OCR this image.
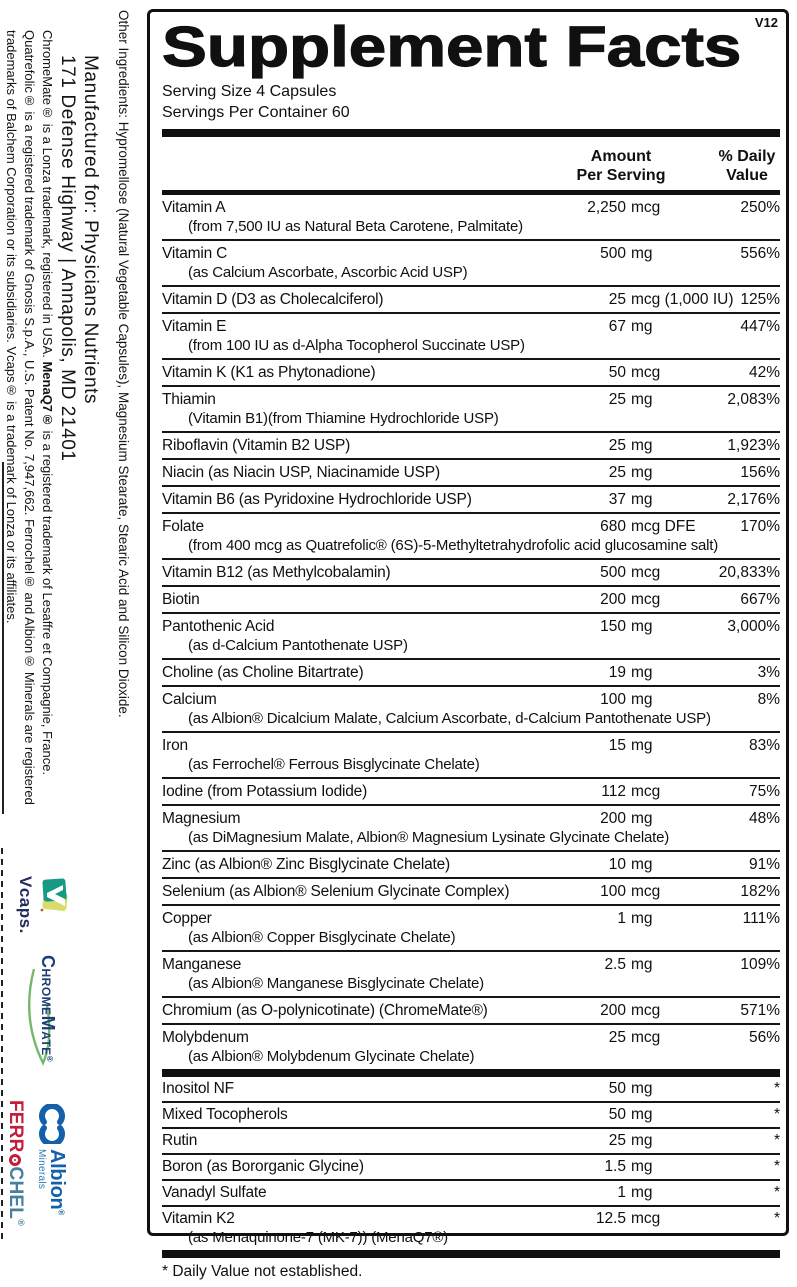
Other Ingredients: Hypromellose (Natural Vegetable Capsules), Magnesium Stearate, Stearic Acid and Silicon Dioxide.
Manufactured for: Physicians Nutrients
171 Defense Highway | Annapolis, MD 21401
ChromeMate® is a Lonza trademark, registered in USA. MenaQ7® is a registered trademark of Lesaffre et Compagnie, France.
Quatrefolic® is a registered trademark of Gnosis S.p.A., U.S. Patent No. 7,947,662. Ferrochel® and Albion® Minerals are registered
trademarks of Balchem Corporation or its subsidiaries. Vcaps® is a trademark of Lonza or its affiliates.
Vcaps.
CHROMEMATE®
FERR
CHEL
®
Albion®
Minerals
Supplement Facts	V12
Serving Size 4 Capsules
Servings Per Container 60
Amount
Per Serving
% Daily
Value
Vitamin A	2,250 mcg	250%
(from 7,500 IU as Natural Beta Carotene, Palmitate)
Vitamin C	500 mg	556%
(as Calcium Ascorbate, Ascorbic Acid USP)
Vitamin D (D3 as Cholecalciferol)	25 mcg (1,000 IU) 125%
Vitamin E	67 mg	447%
(from 100 IU as d-Alpha Tocopherol Succinate USP)
Vitamin K (K1 as Phytonadione)	50 mcg	42%
Thiamin	25 mg	2,083%
(Vitamin B1)(from Thiamine Hydrochloride USP)
Riboflavin (Vitamin B2 USP)	25 mg	1,923%
Niacin (as Niacin USP, Niacinamide USP)	25 mg	156%
Vitamin B6 (as Pyridoxine Hydrochloride USP)	37 mg	2,176%
Folate	680 mcg DFE	170%
(from 400 mcg as Quatrefolic® (6S)-5-Methyltetrahydrofolic acid glucosamine salt)
Vitamin B12 (as Methylcobalamin)	500 mcg	20,833%
Biotin	200 mcg	667%
Pantothenic Acid	150 mg	3,000%
(as d-Calcium Pantothenate USP)
Choline (as Choline Bitartrate)	19 mg	3%
Calcium	100 mg	8%
(as Albion® Dicalcium Malate, Calcium Ascorbate, d-Calcium Pantothenate USP)
Iron	15 mg	83%
(as Ferrochel® Ferrous Bisglycinate Chelate)
Iodine (from Potassium Iodide)	112 mcg	75%
Magnesium	200 mg	48%
(as DiMagnesium Malate, Albion® Magnesium Lysinate Glycinate Chelate)
Zinc (as Albion® Zinc Bisglycinate Chelate)	10 mg	91%
Selenium (as Albion® Selenium Glycinate Complex)	100 mcg	182%
Copper	1 mg	111%
(as Albion® Copper Bisglycinate Chelate)
Manganese	2.5 mg	109%
(as Albion® Manganese Bisglycinate Chelate)
Chromium (as O-polynicotinate) (ChromeMate®)	200 mcg	571%
Molybdenum	25 mcg	56%
(as Albion® Molybdenum Glycinate Chelate)
Inositol NF	50 mg	*
Mixed Tocopherols	50 mg	*
Rutin	25 mg	*
Boron (as Bororganic Glycine)	1.5 mg	*
Vanadyl Sulfate	1 mg	*
Vitamin K2	12.5 mcg	*
(as Menaquinone-7 (MK-7)) (MenaQ7®)
* Daily Value not established.
